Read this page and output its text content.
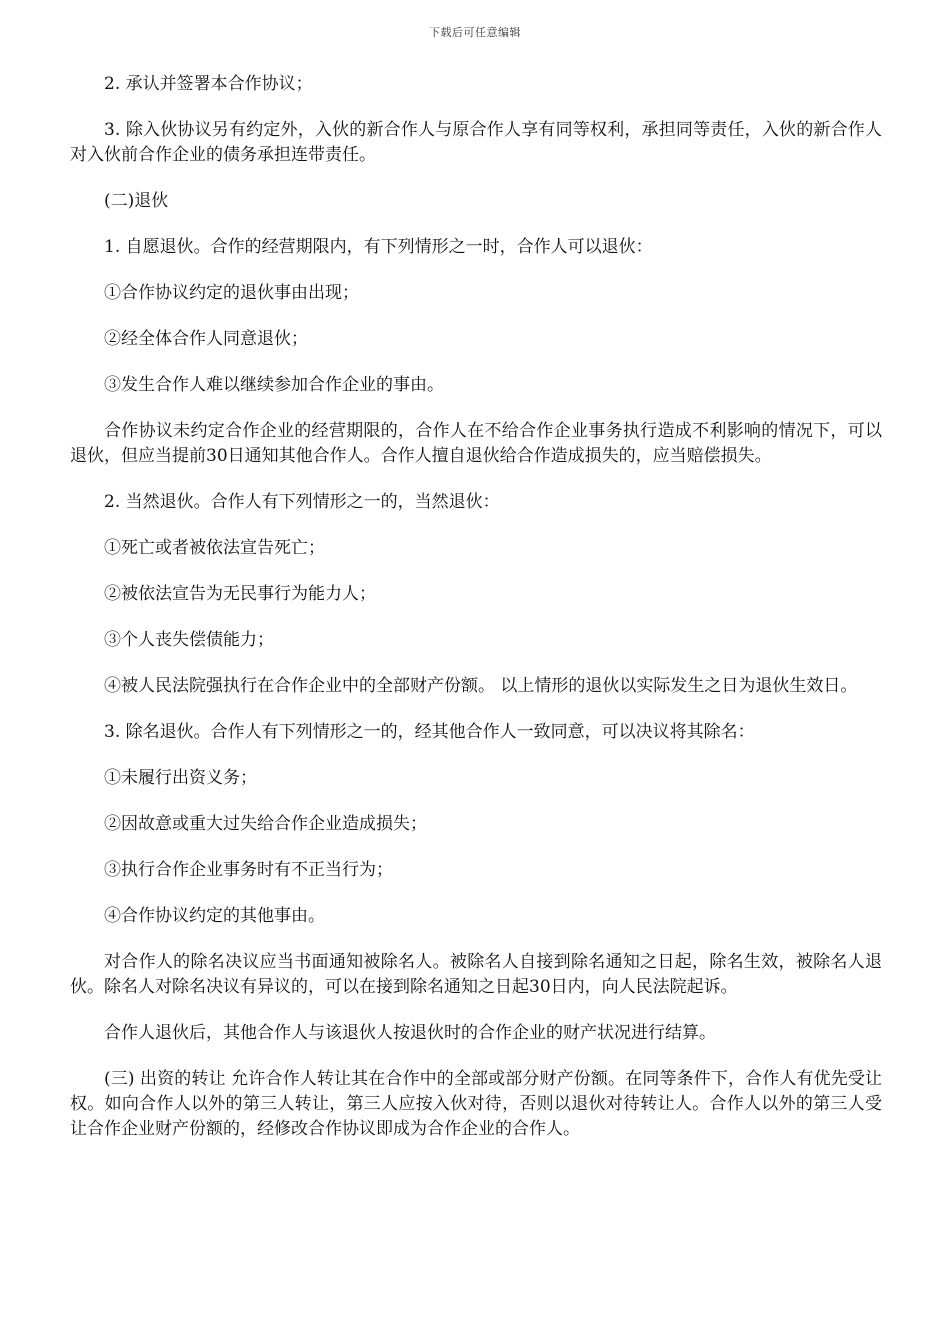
下载后可任意编辑

2. 承认并签署本合作协议；

3. 除入伙协议另有约定外，入伙的新合作人与原合作人享有同等权利，承担同等责任，入伙的新合作人对入伙前合作企业的债务承担连带责任。

(二)退伙

1. 自愿退伙。合作的经营期限内，有下列情形之一时，合作人可以退伙：

①合作协议约定的退伙事由出现；

②经全体合作人同意退伙；

③发生合作人难以继续参加合作企业的事由。

合作协议未约定合作企业的经营期限的，合作人在不给合作企业事务执行造成不利影响的情况下，可以退伙，但应当提前30日通知其他合作人。合作人擅自退伙给合作造成损失的，应当赔偿损失。

2. 当然退伙。合作人有下列情形之一的，当然退伙：

①死亡或者被依法宣告死亡；

②被依法宣告为无民事行为能力人；

③个人丧失偿债能力；

④被人民法院强执行在合作企业中的全部财产份额。 以上情形的退伙以实际发生之日为退伙生效日。

3. 除名退伙。合作人有下列情形之一的，经其他合作人一致同意，可以决议将其除名：

①未履行出资义务；

②因故意或重大过失给合作企业造成损失；

③执行合作企业事务时有不正当行为；

④合作协议约定的其他事由。

对合作人的除名决议应当书面通知被除名人。被除名人自接到除名通知之日起，除名生效，被除名人退伙。除名人对除名决议有异议的，可以在接到除名通知之日起30日内，向人民法院起诉。

合作人退伙后，其他合作人与该退伙人按退伙时的合作企业的财产状况进行结算。

(三) 出资的转让 允许合作人转让其在合作中的全部或部分财产份额。在同等条件下，合作人有优先受让权。如向合作人以外的第三人转让，第三人应按入伙对待，否则以退伙对待转让人。合作人以外的第三人受让合作企业财产份额的，经修改合作协议即成为合作企业的合作人。
